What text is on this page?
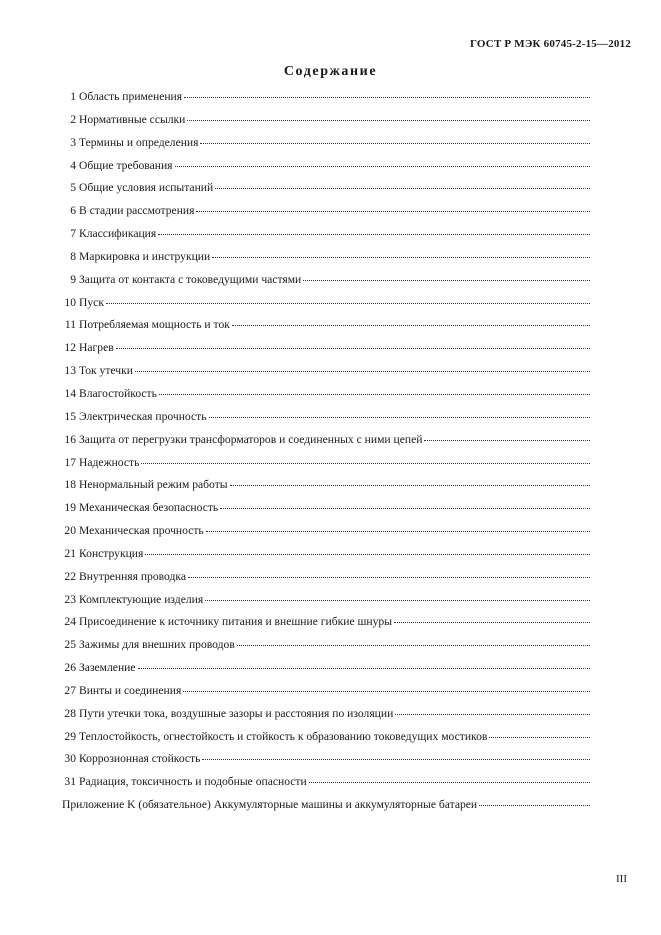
ГОСТ Р МЭК 60745-2-15—2012
Содержание
1 Область применения
2 Нормативные ссылки
3 Термины и определения
4 Общие требования
5 Общие условия испытаний
6 В стадии рассмотрения
7 Классификация
8 Маркировка и инструкции
9 Защита от контакта с токоведущими частями
10 Пуск
11 Потребляемая мощность и ток
12 Нагрев
13 Ток утечки
14 Влагостойкость
15 Электрическая прочность
16 Защита от перегрузки трансформаторов и соединенных с ними цепей
17 Надежность
18 Ненормальный режим работы
19 Механическая безопасность
20 Механическая прочность
21 Конструкция
22 Внутренняя проводка
23 Комплектующие изделия
24 Присоединение к источнику питания и внешние гибкие шнуры
25 Зажимы для внешних проводов
26 Заземление
27 Винты и соединения
28 Пути утечки тока, воздушные зазоры и расстояния по изоляции
29 Теплостойкость, огнестойкость и стойкость к образованию токоведущих мостиков
30 Коррозионная стойкость
31 Радиация, токсичность и подобные опасности
Приложение K (обязательное) Аккумуляторные машины и аккумуляторные батареи
III
